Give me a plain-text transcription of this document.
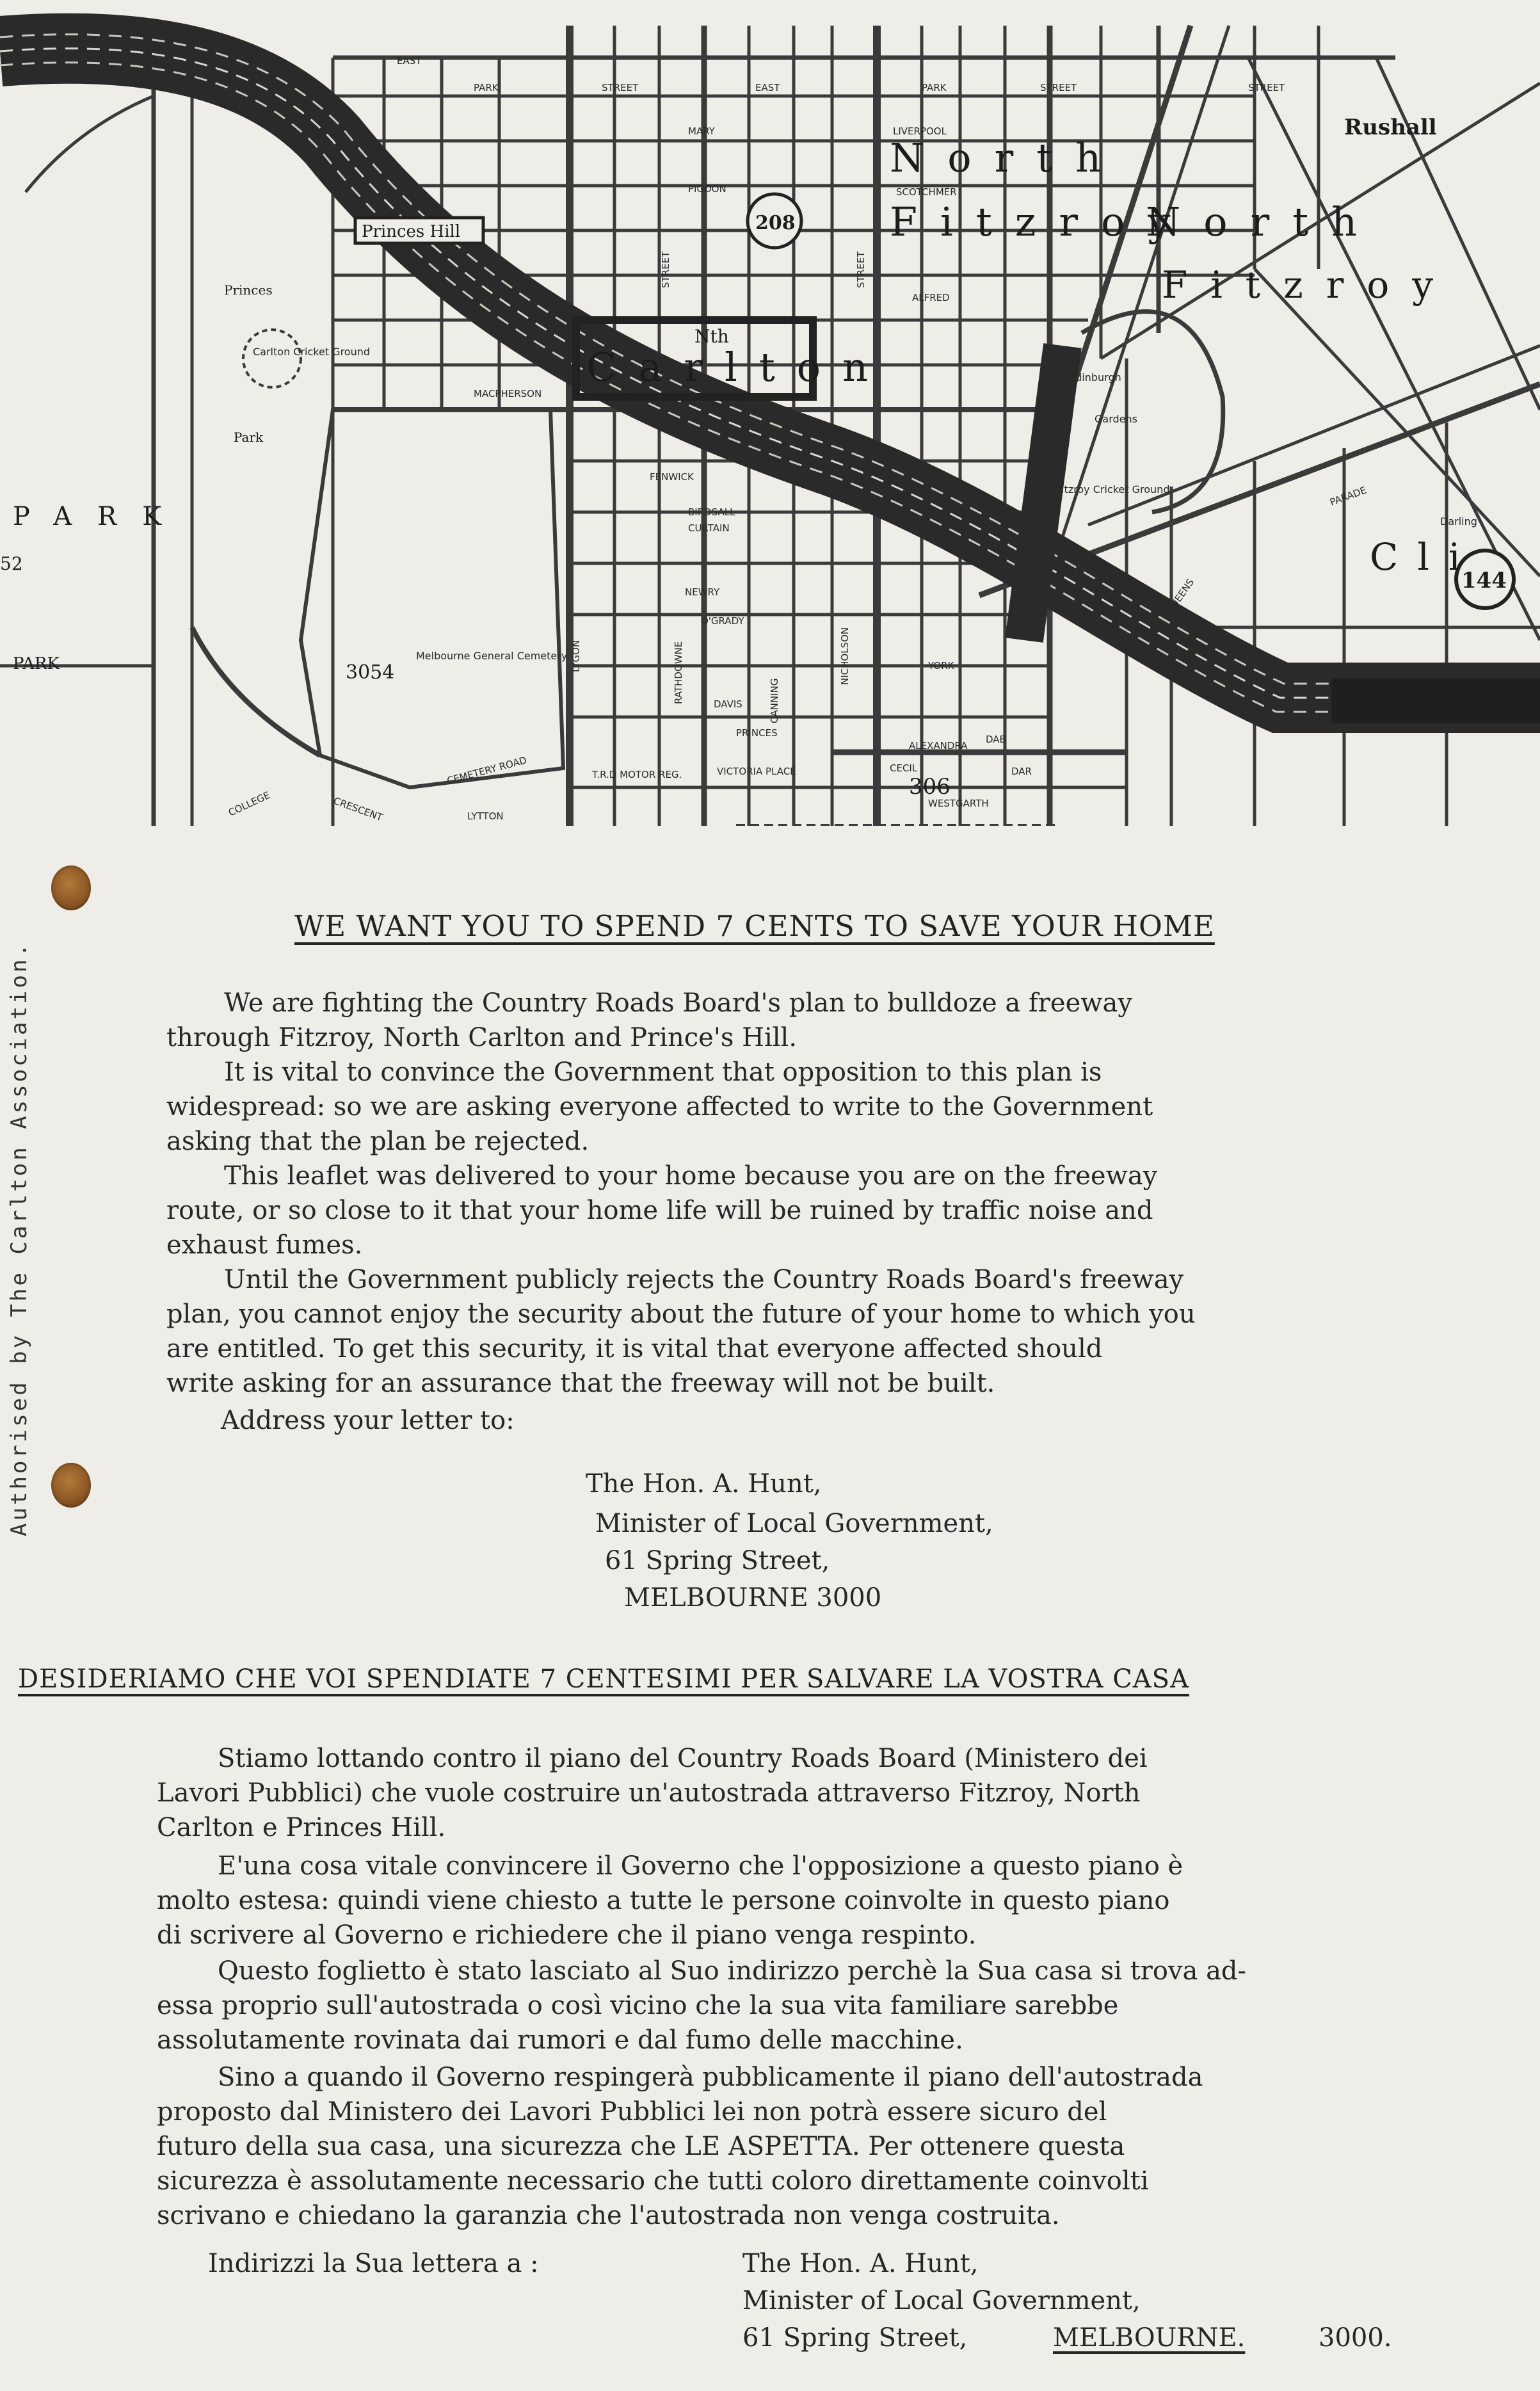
North
Fitzroy
North
Fitzroy
Carlton
Nth
Rushall
Cli
208
144
3054
306
52
PARK
PARK
Princes
Park
Princes Hill
Carlton Cricket Ground
Melbourne General Cemetery
Edinburgh
Gardens
Fitzroy Cricket Ground
Darling
STREET	STREET	STREET
STREET	STREET
EAST
EAST
PARK	PARK
ALEXANDRA
PARADE
QUEENS
CEMETERY ROAD
COLLEGE	CRESCENT
PRINCES
LYTTON
LYGON	NICHOLSON
RATHDOWNE	CANNING
DAVIS
YORK
NEWRY
MARY
PIGDON
VICTORIA PLACE
T.R.D MOTOR REG.
WESTGARTH
ALFRED
LIVERPOOL
SCOTCHMER
MACPHERSON
FENWICK
CURTAIN
BIRDSALL
O'GRADY
DAB
CECIL	DAR
Authorised by The Carlton Association.
WE WANT YOU TO SPEND 7 CENTS TO SAVE YOUR HOME
We are fighting the Country Roads Board's plan to bulldoze a freeway
through Fitzroy, North Carlton and Prince's Hill.
It is vital to convince the Government that opposition to this plan is
widespread: so we are asking everyone affected to write to the Government
asking that the plan be rejected.
This leaflet was delivered to your home because you are on the freeway
route, or so close to it that your home life will be ruined by traffic noise and
exhaust fumes.
Until the Government publicly rejects the Country Roads Board's freeway
plan, you cannot enjoy the security about the future of your home to which you
are entitled. To get this security, it is vital that everyone affected should
write asking for an assurance that the freeway will not be built.
Address your letter to:
The Hon. A. Hunt,
Minister of Local Government,
61 Spring Street,
MELBOURNE 3000
DESIDERIAMO CHE VOI SPENDIATE 7 CENTESIMI PER SALVARE LA VOSTRA CASA
Stiamo lottando contro il piano del Country Roads Board (Ministero dei
Lavori Pubblici) che vuole costruire un'autostrada attraverso Fitzroy, North
Carlton e Princes Hill.
E'una cosa vitale convincere il Governo che l'opposizione a questo piano è
molto estesa: quindi viene chiesto a tutte le persone coinvolte in questo piano
di scrivere al Governo e richiedere che il piano venga respinto.
Questo foglietto è stato lasciato al Suo indirizzo perchè la Sua casa si trova ad-
essa proprio sull'autostrada o così vicino che la sua vita familiare sarebbe
assolutamente rovinata dai rumori e dal fumo delle macchine.
Sino a quando il Governo respingerà pubblicamente il piano dell'autostrada
proposto dal Ministero dei Lavori Pubblici lei non potrà essere sicuro del
futuro della sua casa, una sicurezza che LE ASPETTA. Per ottenere questa
sicurezza è assolutamente necessario che tutti coloro direttamente coinvolti
scrivano e chiedano la garanzia che l'autostrada non venga costruita.
Indirizzi la Sua lettera a :	The Hon. A. Hunt,
Minister of Local Government,
61 Spring Street,	MELBOURNE.	3000.
